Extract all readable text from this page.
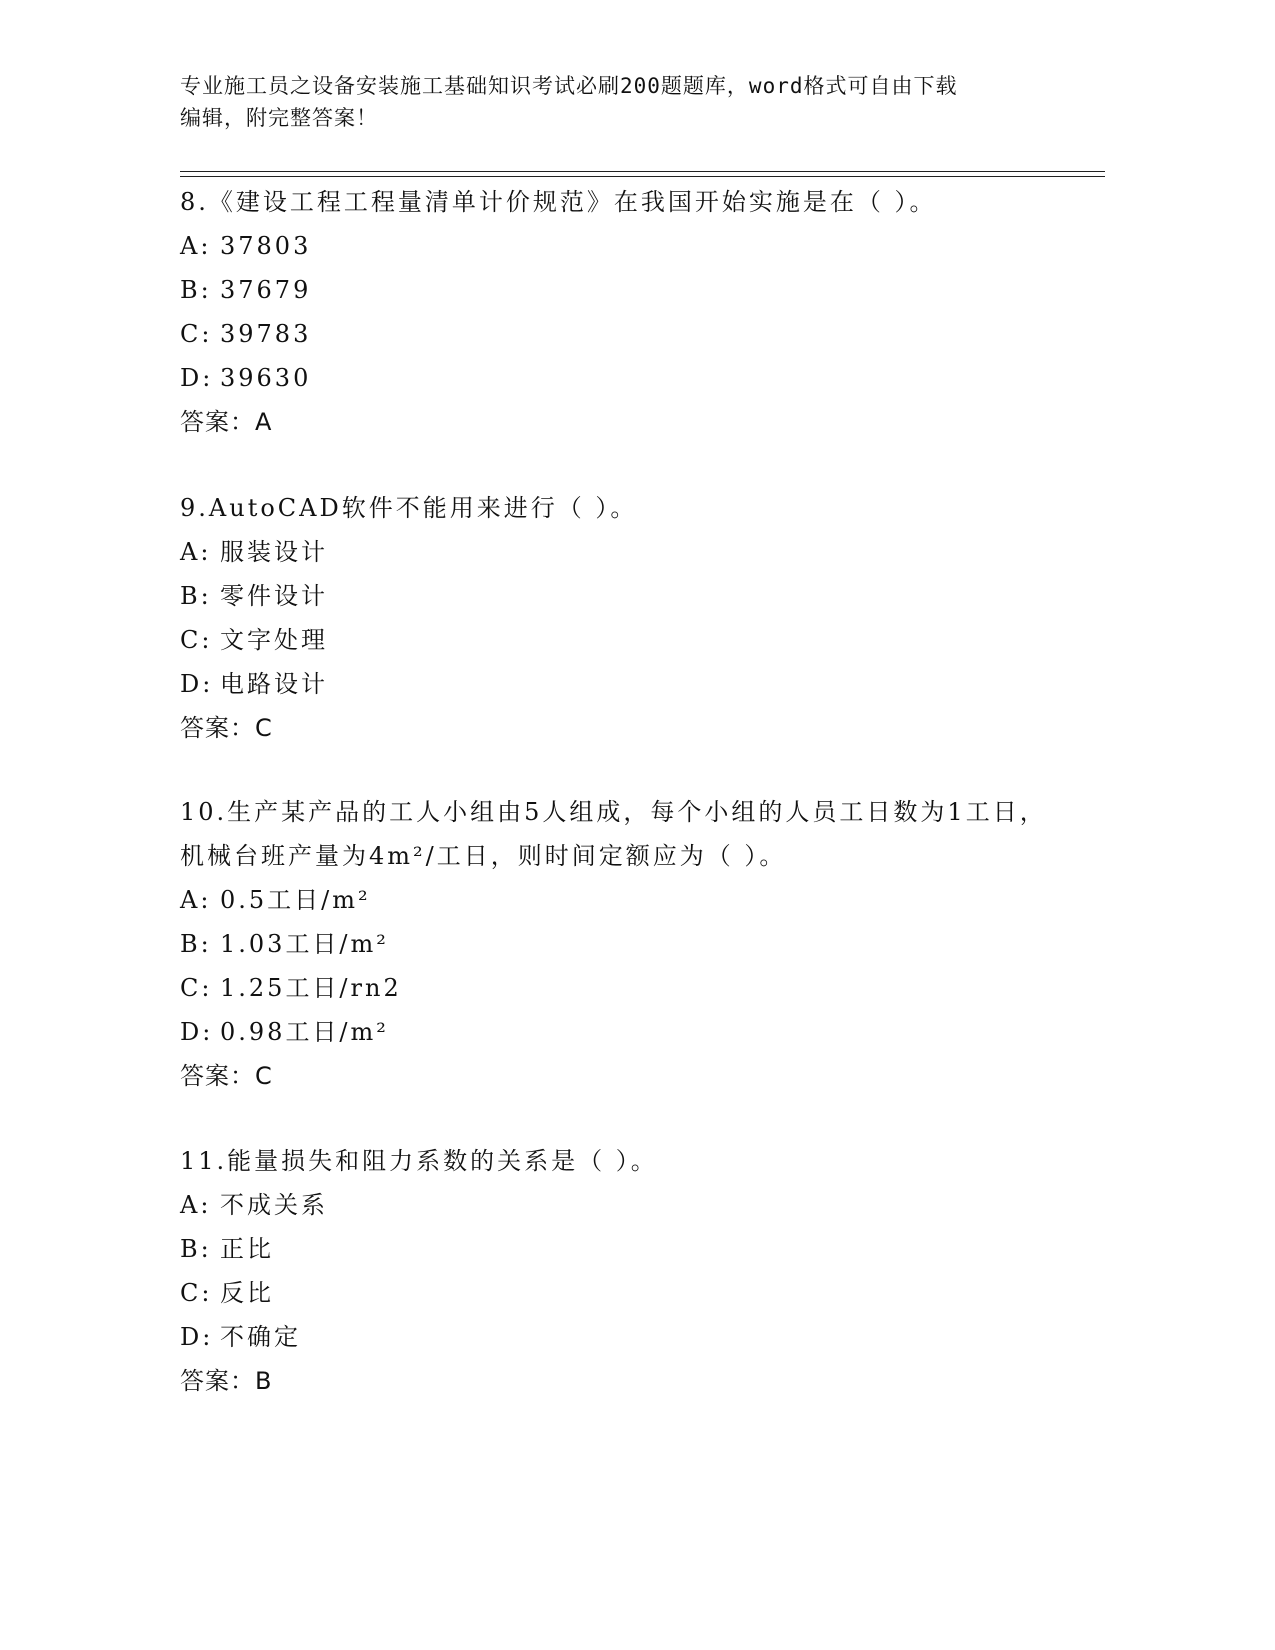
专业施工员之设备安装施工基础知识考试必刷200题题库，word格式可自由下载
编辑，附完整答案！
8.《建设工程工程量清单计价规范》在我国开始实施是在（ ）。
A: 37803
B: 37679
C: 39783
D: 39630
答案：A
9.AutoCAD软件不能用来进行（ ）。
A: 服装设计
B: 零件设计
C: 文字处理
D: 电路设计
答案：C
10.生产某产品的工人小组由5人组成，每个小组的人员工日数为1工日，机械台班产量为4m²/工日，则时间定额应为（ ）。
A: 0.5工日/m²
B: 1.03工日/m²
C: 1.25工日/rn2
D: 0.98工日/m²
答案：C
11.能量损失和阻力系数的关系是（ ）。
A: 不成关系
B: 正比
C: 反比
D: 不确定
答案：B
